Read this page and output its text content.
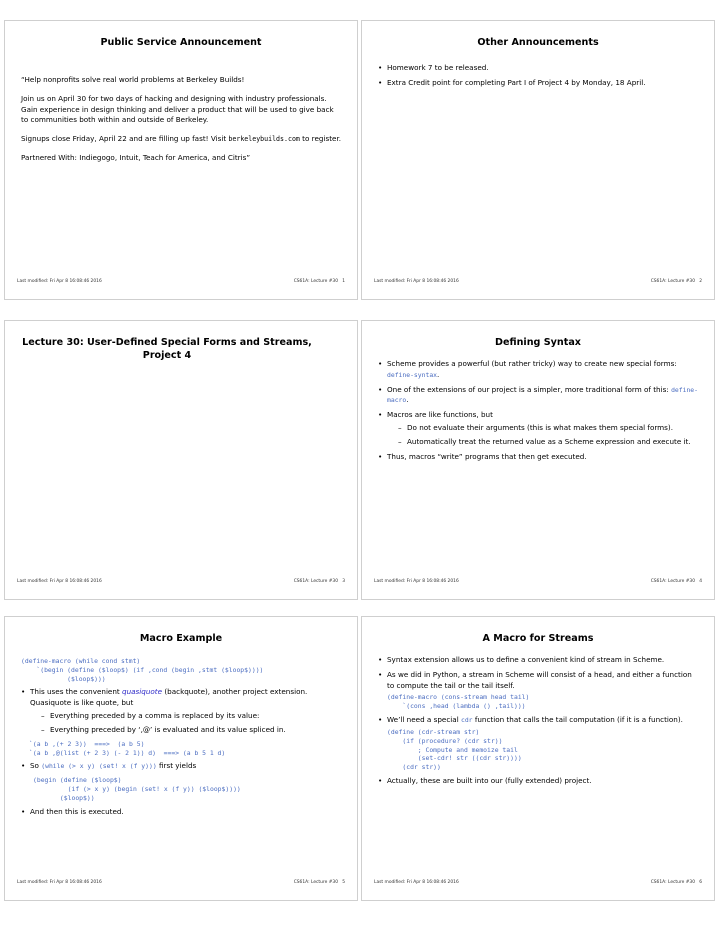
Public Service Announcement

“Help nonprofits solve real world problems at Berkeley Builds!

Join us on April 30 for two days of hacking and designing with industry professionals. Gain experience in design thinking and deliver a product that will be used to give back to communities both within and outside of Berkeley.

Signups close Friday, April 22 and are filling up fast! Visit berkeleybuilds.com to register.

Partnered With: Indiegogo, Intuit, Teach for America, and Citris”

Last modified: Fri Apr 8 16:08:46 2016	CS61A: Lecture #30 1
Other Announcements
• Homework 7 to be released.
• Extra Credit point for completing Part I of Project 4 by Monday, 18 April.
Last modified: Fri Apr 8 16:08:46 2016	CS61A: Lecture #30 2
Lecture 30: User-Defined Special Forms and Streams, Project 4
Last modified: Fri Apr 8 16:08:46 2016	CS61A: Lecture #30 3
Defining Syntax
• Scheme provides a powerful (but rather tricky) way to create new special forms: define-syntax.
• One of the extensions of our project is a simpler, more traditional form of this: define-macro.
• Macros are like functions, but
– Do not evaluate their arguments (this is what makes them special forms).
– Automatically treat the returned value as a Scheme expression and execute it.
• Thus, macros “write” programs that then get executed.
Last modified: Fri Apr 8 16:08:46 2016	CS61A: Lecture #30 4
Macro Example
(define-macro (while cond stmt)
`(begin (define ($loop$) (if ,cond (begin ,stmt ($loop$))))
($loop$)))
• This uses the convenient quasiquote (backquote), another project extension. Quasiquote is like quote, but
– Everything preceded by a comma is replaced by its value:
– Everything preceded by ‘,@’ is evaluated and its value spliced in.
`(a b ,(+ 2 3))  ===>  (a b 5)
`(a b ,@(list (+ 2 3) (- 2 1)) d)  ===> (a b 5 1 d)
• So (while (> x y) (set! x (f y))) first yields
(begin (define ($loop$)
(if (> x y) (begin (set! x (f y)) ($loop$))))
($loop$))
• And then this is executed.
Last modified: Fri Apr 8 16:08:46 2016	CS61A: Lecture #30 5
A Macro for Streams
• Syntax extension allows us to define a convenient kind of stream in Scheme.
• As we did in Python, a stream in Scheme will consist of a head, and either a function to compute the tail or the tail itself.
(define-macro (cons-stream head tail)
`(cons ,head (lambda () ,tail)))
• We’ll need a special cdr function that calls the tail computation (if it is a function).
(define (cdr-stream str)
(if (procedure? (cdr str))
; Compute and memoize tail
(set-cdr! str ((cdr str))))
(cdr str))
• Actually, these are built into our (fully extended) project.
Last modified: Fri Apr 8 16:08:46 2016	CS61A: Lecture #30 6
